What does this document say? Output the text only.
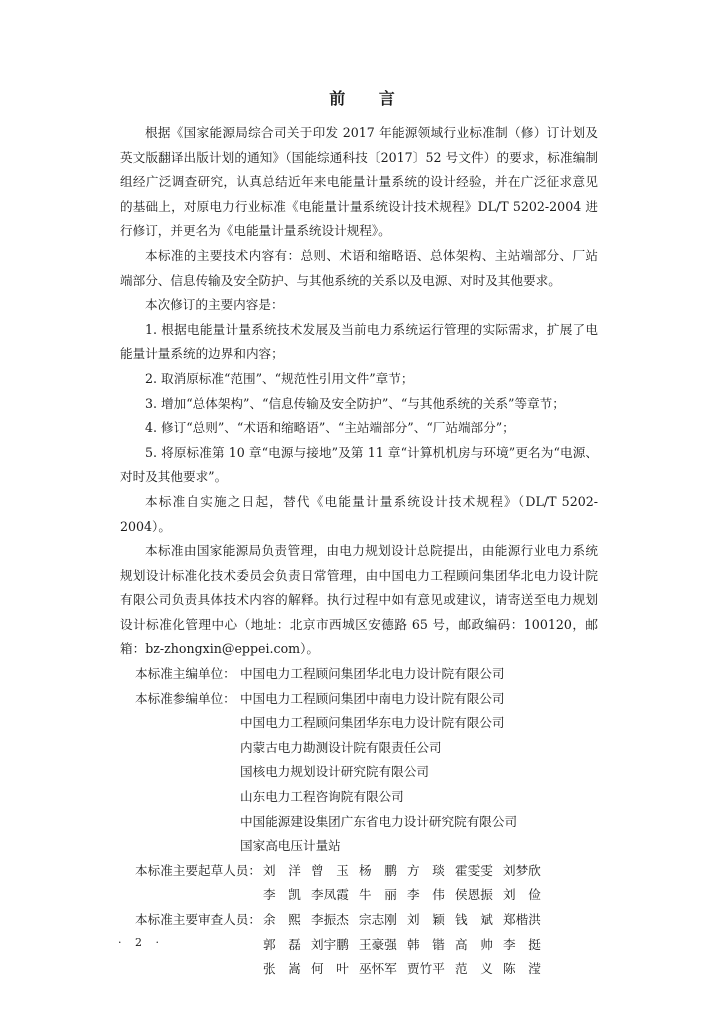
前 言

根据《国家能源局综合司关于印发 2017 年能源领域行业标准制（修）订计划及英文版翻译出版计划的通知》（国能综通科技〔2017〕52 号文件）的要求，标准编制组经广泛调查研究，认真总结近年来电能量计量系统的设计经验，并在广泛征求意见的基础上，对原电力行业标准《电能量计量系统设计技术规程》DL/T 5202-2004 进行修订，并更名为《电能量计量系统设计规程》。

本标准的主要技术内容有：总则、术语和缩略语、总体架构、主站端部分、厂站端部分、信息传输及安全防护、与其他系统的关系以及电源、对时及其他要求。

本次修订的主要内容是：

1. 根据电能量计量系统技术发展及当前电力系统运行管理的实际需求，扩展了电能量计量系统的边界和内容；

2. 取消原标准“范围”、“规范性引用文件”章节；

3. 增加“总体架构”、“信息传输及安全防护”、“与其他系统的关系”等章节；

4. 修订“总则”、“术语和缩略语”、“主站端部分”、“厂站端部分”；

5. 将原标准第 10 章“电源与接地”及第 11 章“计算机机房与环境”更名为“电源、对时及其他要求”。

本标准自实施之日起，替代《电能量计量系统设计技术规程》（DL/T 5202-2004）。

本标准由国家能源局负责管理，由电力规划设计总院提出，由能源行业电力系统规划设计标准化技术委员会负责日常管理，由中国电力工程顾问集团华北电力设计院有限公司负责具体技术内容的解释。执行过程中如有意见或建议，请寄送至电力规划设计标准化管理中心（地址：北京市西城区安德路 65 号，邮政编码：100120，邮箱：bz-zhongxin@eppei.com）。

本标准主编单位： 中国电力工程顾问集团华北电力设计院有限公司
本标准参编单位： 中国电力工程顾问集团中南电力设计院有限公司
中国电力工程顾问集团华东电力设计院有限公司
内蒙古电力勘测设计院有限责任公司
国核电力规划设计研究院有限公司
山东电力工程咨询院有限公司
中国能源建设集团广东省电力设计研究院有限公司
国家高电压计量站
本标准主要起草人员： 刘　洋 曾　玉 杨　鹏 方　琰 霍雯雯 刘梦欣
李　凯 李凤霞 牛　丽 李　伟 侯恩振 刘　俭
本标准主要审查人员： 余　熙 李振杰 宗志刚 刘　颖 钱　斌 郑楷洪
郭　磊 刘宇鹏 王豪强 韩　锴 高　帅 李　挺
张　嵩 何　叶 巫怀军 贾竹平 范　义 陈　滢
· 2 ·
